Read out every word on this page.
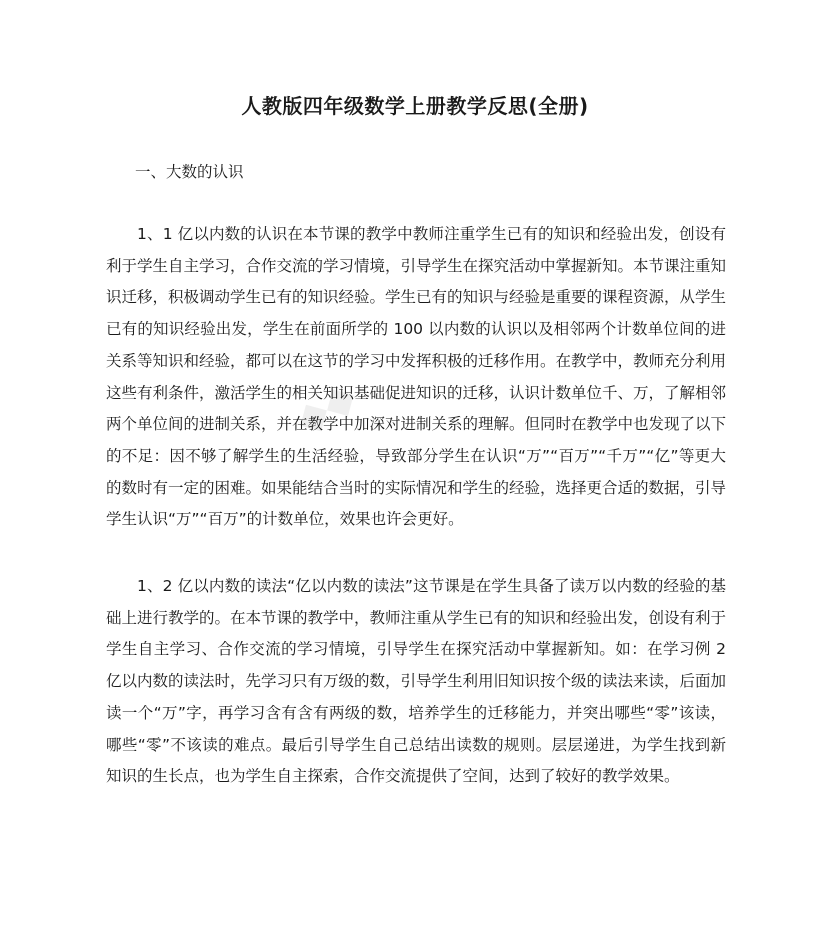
◆◆
人教版四年级数学上册教学反思(全册)

一、大数的认识

1、1 亿以内数的认识在本节课的教学中教师注重学生已有的知识和经验出发，创设有利于学生自主学习，合作交流的学习情境，引导学生在探究活动中掌握新知。本节课注重知识迁移，积极调动学生已有的知识经验。学生已有的知识与经验是重要的课程资源，从学生已有的知识经验出发，学生在前面所学的 100 以内数的认识以及相邻两个计数单位间的进关系等知识和经验，都可以在这节的学习中发挥积极的迁移作用。在教学中，教师充分利用这些有利条件，激活学生的相关知识基础促进知识的迁移，认识计数单位千、万，了解相邻两个单位间的进制关系，并在教学中加深对进制关系的理解。但同时在教学中也发现了以下的不足：因不够了解学生的生活经验，导致部分学生在认识“万”“百万”“千万”“亿”等更大的数时有一定的困难。如果能结合当时的实际情况和学生的经验，选择更合适的数据，引导学生认识“万”“百万”的计数单位，效果也许会更好。

1、2 亿以内数的读法“亿以内数的读法”这节课是在学生具备了读万以内数的经验的基础上进行教学的。在本节课的教学中，教师注重从学生已有的知识和经验出发，创设有利于学生自主学习、合作交流的学习情境，引导学生在探究活动中掌握新知。如：在学习例 2 亿以内数的读法时，先学习只有万级的数，引导学生利用旧知识按个级的读法来读，后面加读一个“万”字，再学习含有含有两级的数，培养学生的迁移能力，并突出哪些“零”该读，哪些“零”不该读的难点。最后引导学生自己总结出读数的规则。层层递进，为学生找到新知识的生长点，也为学生自主探索，合作交流提供了空间，达到了较好的教学效果。
